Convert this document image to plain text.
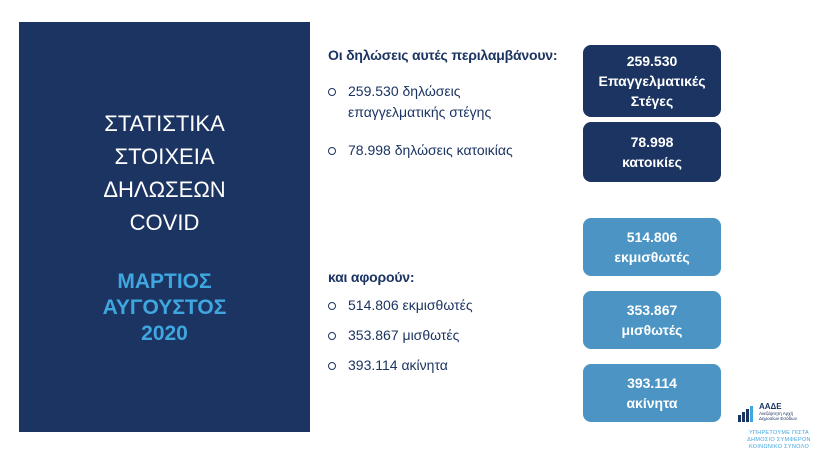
ΣΤΑΤΙΣΤΙΚΑ
ΣΤΟΙΧΕΙΑ
ΔΗΛΩΣΕΩΝ
COVID
ΜΑΡΤΙΟΣ
ΑΥΓΟΥΣΤΟΣ
2020
Οι δηλώσεις αυτές περιλαμβάνουν:
259.530 δηλώσεις
επαγγελματικής στέγης
78.998 δηλώσεις κατοικίας
και αφορούν:
514.806 εκμισθωτές
353.867 μισθωτές
393.114 ακίνητα
259.530
Επαγγελματικές
Στέγες
78.998
κατοικίες
514.806
εκμισθωτές
353.867
μισθωτές
393.114
ακίνητα	ΑΑΔΕ
Ανεξάρτητη Αρχή
Δημοσίων Εσόδων
ΥΠΗΡΕΤΟΥΜΕ ΠΙΣΤΑ
ΔΗΜΟΣΙΟ ΣΥΜΦΕΡΟΝ
ΚΟΙΝΩΝΙΚΟ ΣΥΝΟΛΟ
